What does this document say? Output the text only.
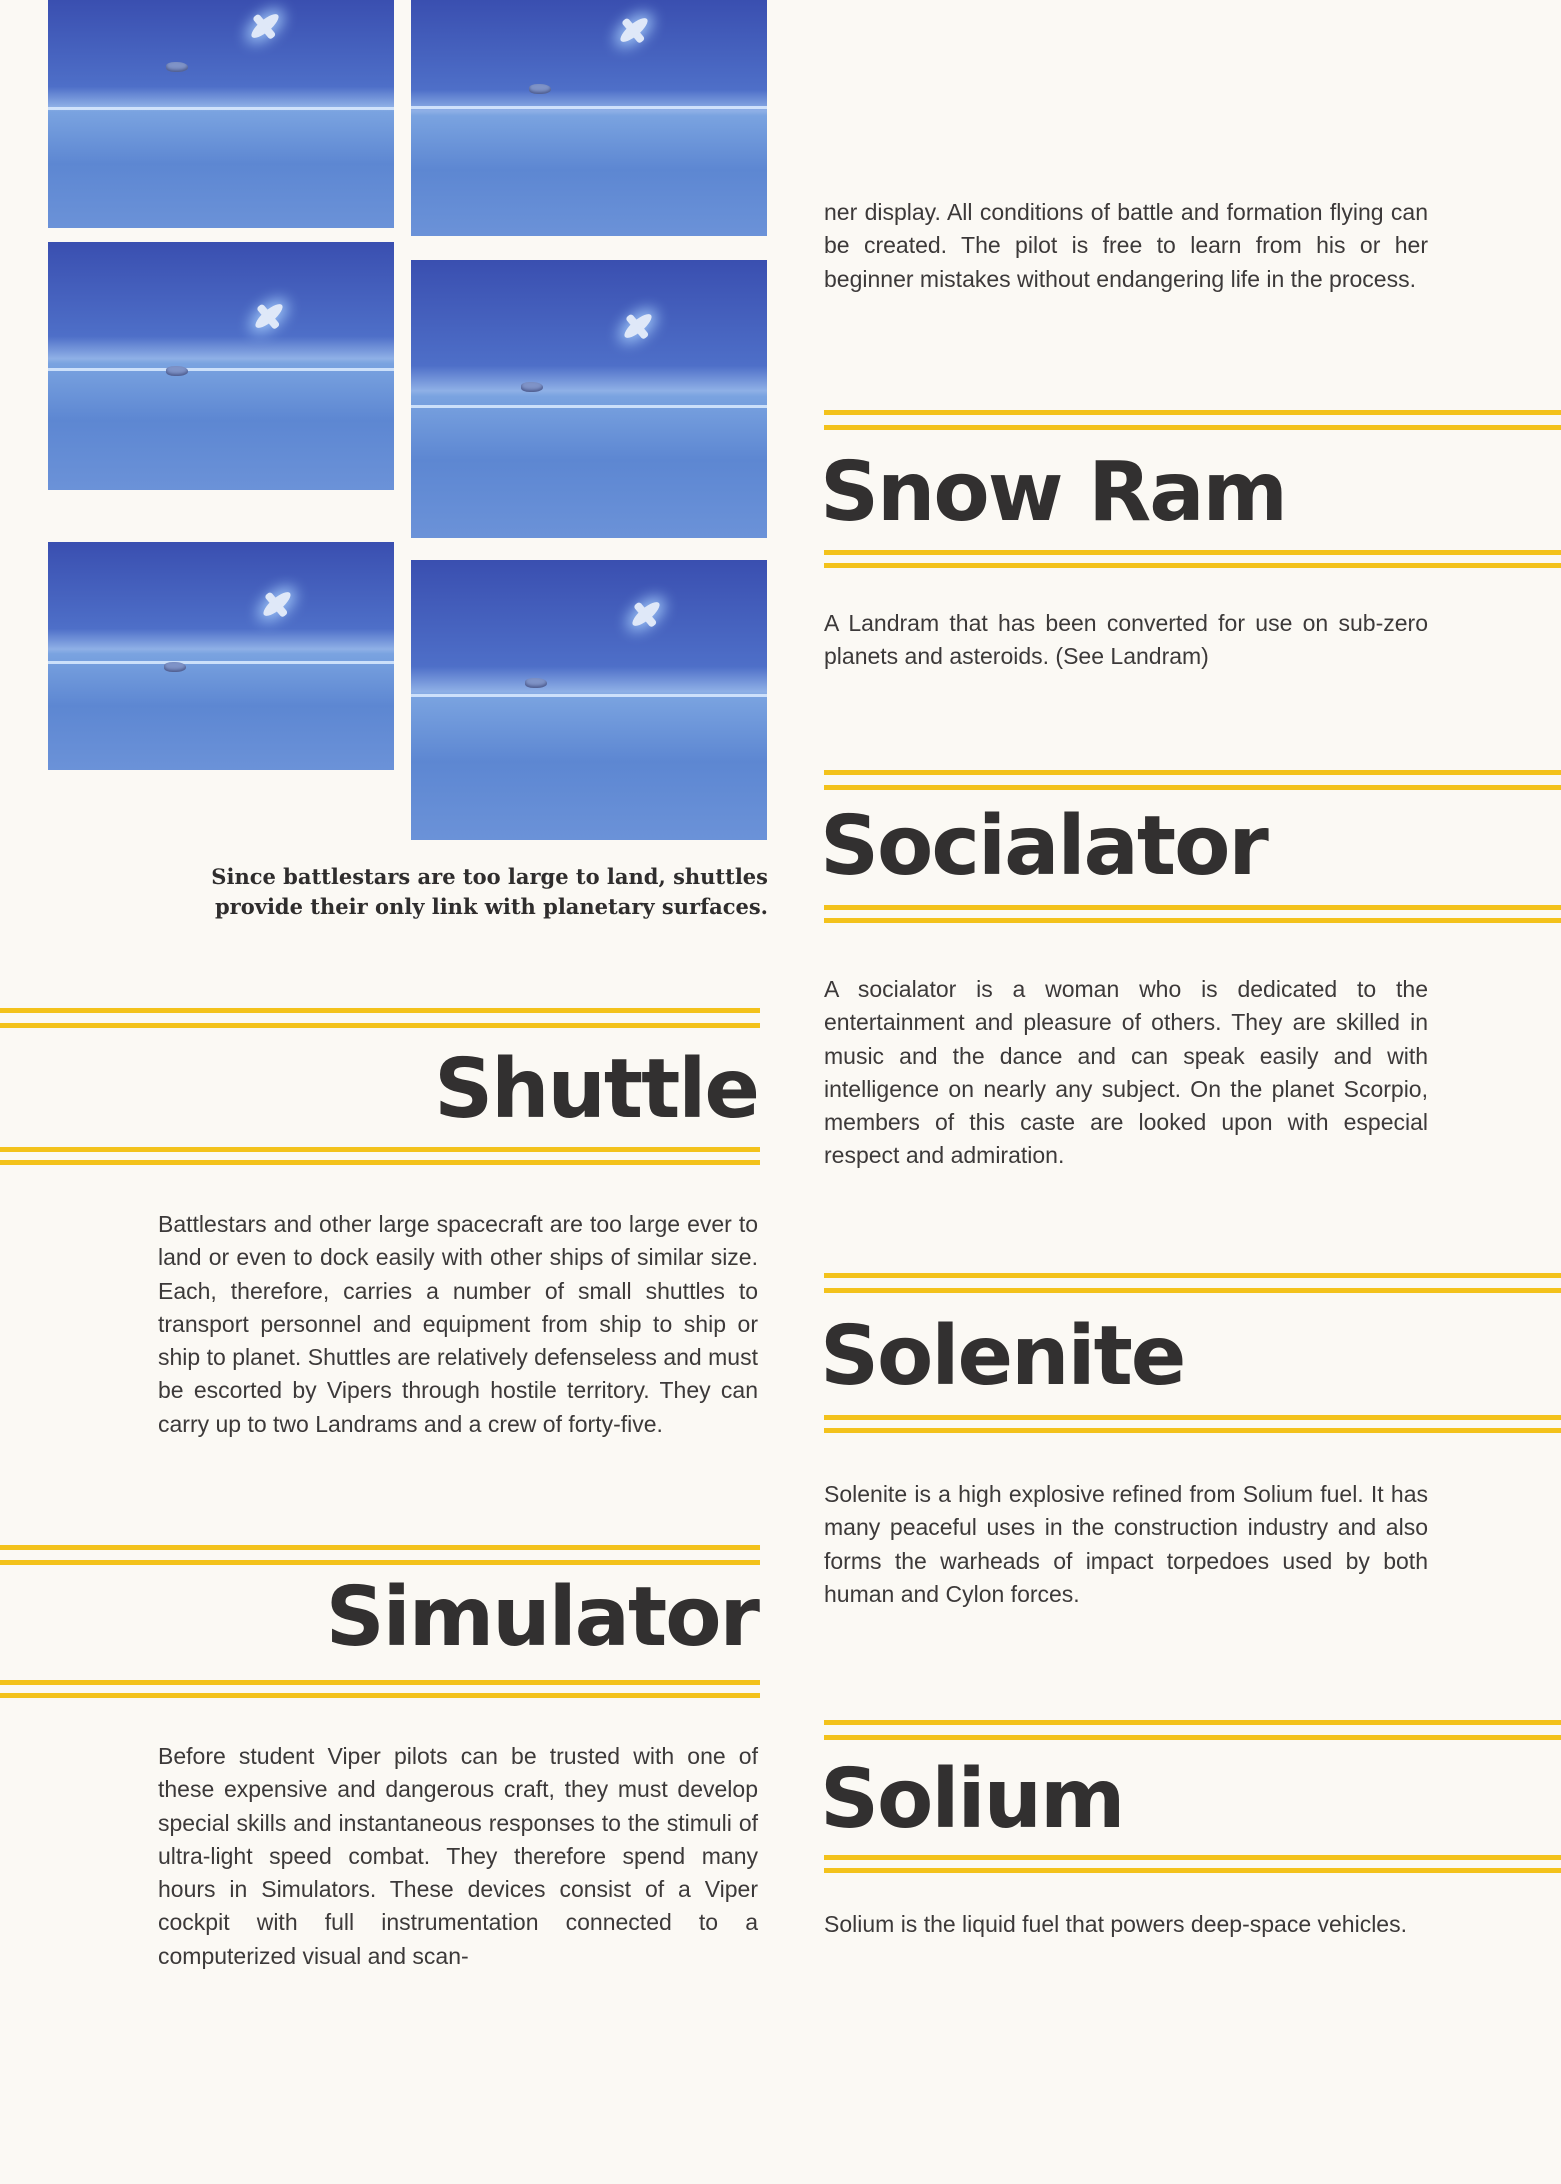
Since battlestars are too large to land, shuttles provide their only link with planetary surfaces.

Shuttle

Battlestars and other large spacecraft are too large ever to land or even to dock easily with other ships of similar size. Each, therefore, carries a number of small shuttles to transport personnel and equipment from ship to ship or ship to planet. Shuttles are relatively defenseless and must be escorted by Vipers through hostile territory. They can carry up to two Landrams and a crew of forty-five.

Simulator

Before student Viper pilots can be trusted with one of these expensive and dangerous craft, they must develop special skills and instantaneous responses to the stimuli of ultra-light speed combat. They therefore spend many hours in Simulators. These devices consist of a Viper cockpit with full instrumentation connected to a computerized visual and scan-

ner display. All conditions of battle and formation flying can be created. The pilot is free to learn from his or her beginner mistakes without endangering life in the process.

Snow Ram

A Landram that has been converted for use on sub-zero planets and asteroids. (See Landram)

Socialator

A socialator is a woman who is dedicated to the entertainment and pleasure of others. They are skilled in music and the dance and can speak easily and with intelligence on nearly any subject. On the planet Scorpio, members of this caste are looked upon with especial respect and admiration.

Solenite

Solenite is a high explosive refined from Solium fuel. It has many peaceful uses in the construction industry and also forms the warheads of impact torpedoes used by both human and Cylon forces.

Solium

Solium is the liquid fuel that powers deep-space vehicles.
